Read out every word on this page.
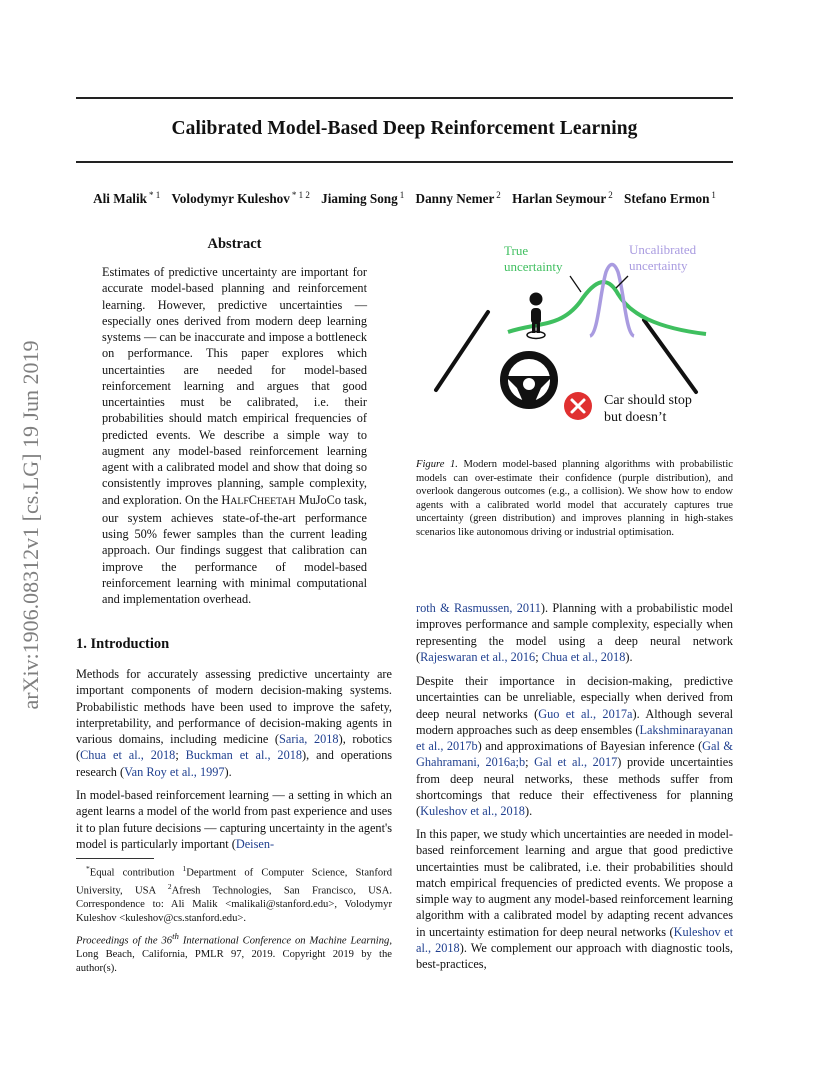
Calibrated Model-Based Deep Reinforcement Learning
Ali Malik $^{* 1}$ Volodymyr Kuleshov $^{* 1 2}$ Jiaming Song $^1$ Danny Nemer $^2$ Harlan Seymour $^2$ Stefano Ermon $^1$
arXiv:1906.08312v1 [cs.LG] 19 Jun 2019
Abstract
Estimates of predictive uncertainty are important for accurate model-based planning and reinforcement learning. However, predictive uncertainties — especially ones derived from modern deep learning systems — can be inaccurate and impose a bottleneck on performance. This paper explores which uncertainties are needed for model-based reinforcement learning and argues that good uncertainties must be calibrated, i.e. their probabilities should match empirical frequencies of predicted events. We describe a simple way to augment any model-based reinforcement learning agent with a calibrated model and show that doing so consistently improves planning, sample complexity, and exploration. On the HALFCHEETAH MuJoCo task, our system achieves state-of-the-art performance using 50% fewer samples than the current leading approach. Our findings suggest that calibration can improve the performance of model-based reinforcement learning with minimal computational and implementation overhead.
1. Introduction

Methods for accurately assessing predictive uncertainty are important components of modern decision-making systems. Probabilistic methods have been used to improve the safety, interpretability, and performance of decision-making agents in various domains, including medicine (Saria, 2018), robotics (Chua et al., 2018; Buckman et al., 2018), and operations research (Van Roy et al., 1997).

In model-based reinforcement learning — a setting in which an agent learns a model of the world from past experience and uses it to plan future decisions — capturing uncertainty in the agent's model is particularly important (Deisen-

*Equal contribution $^1$Department of Computer Science, Stanford University, USA $^2$Afresh Technologies, San Francisco, USA. Correspondence to: Ali Malik <malikali@stanford.edu>, Volodymyr Kuleshov <kuleshov@cs.stanford.edu>.
Proceedings of the 36th International Conference on Machine Learning, Long Beach, California, PMLR 97, 2019. Copyright 2019 by the author(s).
True
uncertainty
Uncalibrated
uncertainty
Car should stop
but doesn’t
Figure 1. Modern model-based planning algorithms with probabilistic models can over-estimate their confidence (purple distribution), and overlook dangerous outcomes (e.g., a collision). We show how to endow agents with a calibrated world model that accurately captures true uncertainty (green distribution) and improves planning in high-stakes scenarios like autonomous driving or industrial optimisation.

roth & Rasmussen, 2011). Planning with a probabilistic model improves performance and sample complexity, especially when representing the model using a deep neural network (Rajeswaran et al., 2016; Chua et al., 2018).

Despite their importance in decision-making, predictive uncertainties can be unreliable, especially when derived from deep neural networks (Guo et al., 2017a). Although several modern approaches such as deep ensembles (Lakshminarayanan et al., 2017b) and approximations of Bayesian inference (Gal & Ghahramani, 2016a;b; Gal et al., 2017) provide uncertainties from deep neural networks, these methods suffer from shortcomings that reduce their effectiveness for planning (Kuleshov et al., 2018).

In this paper, we study which uncertainties are needed in model-based reinforcement learning and argue that good predictive uncertainties must be calibrated, i.e. their probabilities should match empirical frequencies of predicted events. We propose a simple way to augment any model-based reinforcement learning algorithm with a calibrated model by adapting recent advances in uncertainty estimation for deep neural networks (Kuleshov et al., 2018). We complement our approach with diagnostic tools, best-practices,
